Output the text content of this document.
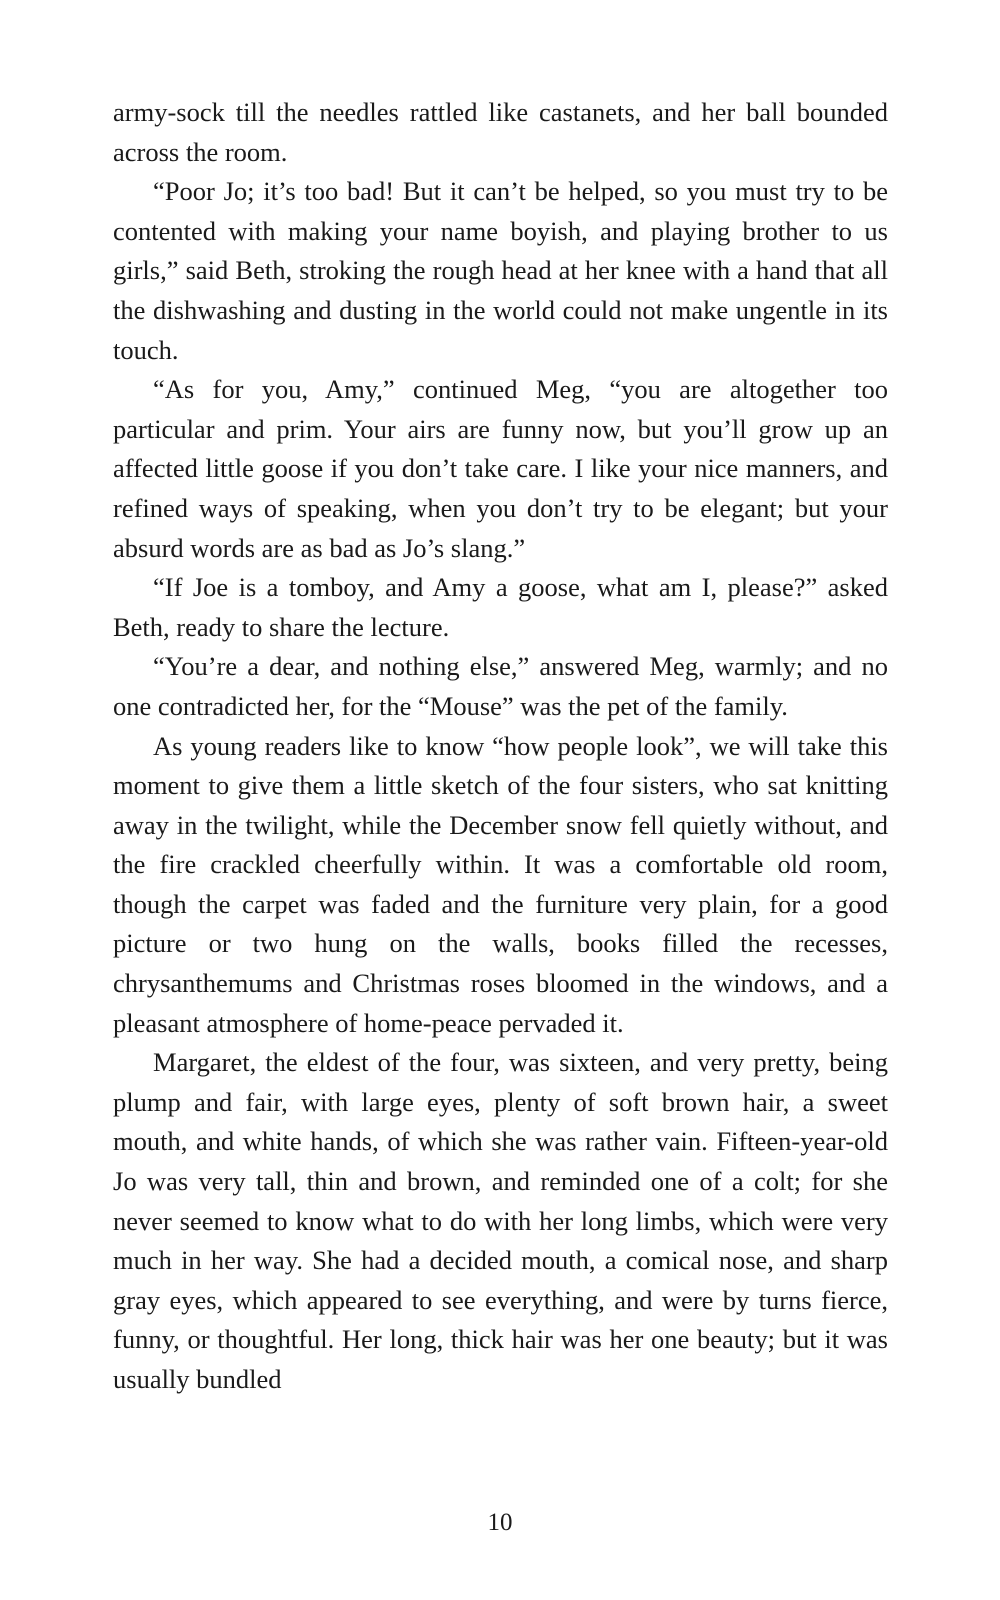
army-sock till the needles rattled like castanets, and her ball bounded across the room.

“Poor Jo; it’s too bad! But it can’t be helped, so you must try to be contented with making your name boyish, and playing brother to us girls,” said Beth, stroking the rough head at her knee with a hand that all the dishwashing and dusting in the world could not make ungentle in its touch.

“As for you, Amy,” continued Meg, “you are altogether too particular and prim. Your airs are funny now, but you’ll grow up an affected little goose if you don’t take care. I like your nice manners, and refined ways of speaking, when you don’t try to be elegant; but your absurd words are as bad as Jo’s slang.”

“If Joe is a tomboy, and Amy a goose, what am I, please?” asked Beth, ready to share the lecture.

“You’re a dear, and nothing else,” answered Meg, warmly; and no one contradicted her, for the “Mouse” was the pet of the family.

As young readers like to know “how people look”, we will take this moment to give them a little sketch of the four sisters, who sat knitting away in the twilight, while the December snow fell quietly without, and the fire crackled cheerfully within. It was a comfortable old room, though the carpet was faded and the furniture very plain, for a good picture or two hung on the walls, books filled the recesses, chrysanthemums and Christmas roses bloomed in the windows, and a pleasant atmosphere of home-peace pervaded it.

Margaret, the eldest of the four, was sixteen, and very pretty, being plump and fair, with large eyes, plenty of soft brown hair, a sweet mouth, and white hands, of which she was rather vain. Fifteen-year-old Jo was very tall, thin and brown, and reminded one of a colt; for she never seemed to know what to do with her long limbs, which were very much in her way. She had a decided mouth, a comical nose, and sharp gray eyes, which appeared to see everything, and were by turns fierce, funny, or thoughtful. Her long, thick hair was her one beauty; but it was usually bundled

10
